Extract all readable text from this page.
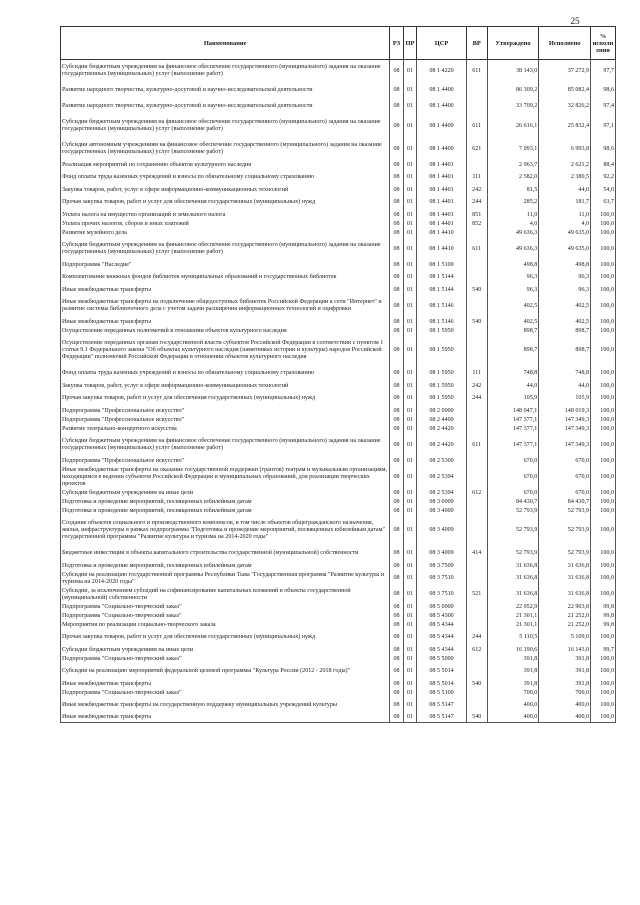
25
Наименование	РЗ	ПР	ЦСР	ВР	Утверждено	Исполнено	% исполн ения
Субсидии бюджетным учреждениям на финансовое обеспечение государственного (муниципального) задания на оказание государственных (муниципальных) услуг (выполнение работ)	08	01	08 1 4220	611	38 143,0	37 272,9	97,7
Развитие народного творчества, культурно-досуговой и научно-исследовательской деятельности	08	01	08 1 4400		86 309,2	85 082,4	98,6
Развитие народного творчества, культурно-досуговой и научно-исследовательской деятельности	08	01	08 1 4400		33 709,2	32 826,2	97,4
Субсидии бюджетным учреждениям на финансовое обеспечение государственного (муниципального) задания на оказание государственных (муниципальных) услуг (выполнение работ)	08	01	08 1 4400	611	26 616,1	25 832,4	97,1
Субсидии автономным учреждениям на финансовое обеспечение государственного (муниципального) задания на оказание государственных (муниципальных) услуг (выполнение работ)	08	01	08 1 4400	621	7 093,1	6 993,8	98,6
Реализация мероприятий по сохранению объектов культурного наследия	08	01	08 1 4401		2 963,7	2 621,2	88,4
Фонд оплаты труда казенных учреждений и взносы по обязательному социальному страхованию	08	01	08 1 4401	111	2 582,0	2 380,5	92,2
Закупка товаров, работ, услуг в сфере информационно-коммуникационных технологий	08	01	08 1 4401	242	81,5	44,0	54,0
Прочая закупка товаров, работ и услуг для обеспечения государственных (муниципальных) нужд	08	01	08 1 4401	244	285,2	181,7	63,7
Уплата налога на имущество организаций и земельного налога	08	01	08 1 4401	851	11,0	11,0	100,0
Уплата прочих налогов, сборов и иных платежей	08	01	08 1 4401	852	4,0	4,0	100,0
Развитие музейного дела	08	01	08 1 4410		49 636,3	49 635,0	100,0
Субсидии бюджетным учреждениям на финансовое обеспечение государственного (муниципального) задания на оказание государственных (муниципальных) услуг (выполнение работ)	08	01	08 1 4410	611	49 636,3	49 635,0	100,0
Подпрограмма "Наследие"	08	01	08 1 5100		498,8	498,8	100,0
Комплектование книжных фондов библиотек муниципальных образований и государственных библиотек	08	01	08 1 5144		96,3	96,3	100,0
Иные межбюджетные трансферты	08	01	08 1 5144	540	96,3	96,3	100,0
Иные межбюджетные трансферты на подключение общедоступных библиотек Российской Федерации к сети "Интернет" и развитие системы библиотечного дела с учетом задачи расширения информационных технологий и оцифровки	08	01	08 1 5146		402,5	402,5	100,0
Иные межбюджетные трансферты	08	01	08 1 5146	540	402,5	402,5	100,0
Осуществление переданных полномочий в отношении объектов культурного наследия	08	01	08 1 5950		898,7	898,7	100,0
Осуществление переданных органам государственной власти субъектов Российской Федерации в соответствии с пунктом 1 статьи 9.1 Федерального закона "Об объектах культурного наследия (памятниках истории и культуры) народов Российской Федерации" полномочий Российской Федерации в отношении объектов культурного наследия	08	01	08 1 5950		898,7	898,7	100,0
Фонд оплаты труда казенных учреждений и взносы по обязательному социальному страхованию	08	01	08 1 5950	111	748,8	748,8	100,0
Закупка товаров, работ, услуг в сфере информационно-коммуникационных технологий	08	01	08 1 5950	242	44,0	44,0	100,0
Прочая закупка товаров, работ и услуг для обеспечения государственных (муниципальных) нужд	08	01	08 1 5950	244	105,9	105,9	100,0
Подпрограмма "Профессиональное искусство"	08	01	08 2 0000		148 047,1	148 019,3	100,0
Подпрограмма "Профессиональное искусство"	08	01	08 2 4400		147 377,1	147 349,3	100,0
Развитие театрально-концертного искусства	08	01	08 2 4420		147 377,1	147 349,3	100,0
Субсидии бюджетным учреждениям на финансовое обеспечение государственного (муниципального) задания на оказание государственных (муниципальных) услуг (выполнение работ)	08	01	08 2 4420	611	147 377,1	147 349,3	100,0
Подпрограмма "Профессиональное искусство"	08	01	08 2 5300		670,0	670,0	100,0
Иные межбюджетные трансферты на оказание государственной поддержки (грантов) театрам и музыкальным организациям, находящимся в ведении субъектов Российской Федерации и муниципальных образований, для реализации творческих проектов	08	01	08 2 5394		670,0	670,0	100,0
Субсидии бюджетным учреждениям на иные цели	08	01	08 2 5394	612	670,0	670,0	100,0
Подготовка и проведение мероприятий, посвященных юбилейным датам	08	01	08 3 0000		84 430,7	84 430,7	100,0
Подготовка и проведение мероприятий, посвященных юбилейным датам	08	01	08 3 4000		52 793,9	52 793,9	100,0
Создание объектов социального и производственного комплексов, в том числе объектов общегражданского назначения, жилья, инфраструктуры в рамках подпрограммы "Подготовка и проведение мероприятий, посвященных юбилейным датам" государственной программы "Развитие культуры и туризма на 2014-2020 годы"	08	01	08 3 4009		52 793,9	52 793,9	100,0
Бюджетные инвестиции в объекты капитального строительства государственной (муниципальной) собственности	08	01	08 3 4009	414	52 793,9	52 793,9	100,0
Подготовка и проведение мероприятий, посвященных юбилейным датам	08	01	08 3 7500		31 636,8	31 636,8	100,0
Субсидия на реализацию государственной программы Республики Тыва "Государственная программа "Развитие культуры и туризма на 2014-2020 годы"	08	01	08 3 7510		31 636,8	31 636,8	100,0
Субсидии, за исключением субсидий на софинансирование капитальных вложений в объекты государственной (муниципальной) собственности	08	01	08 3 7510	521	31 636,8	31 636,8	100,0
Подпрограмма "Социально-творческий заказ"	08	01	08 5 0000		22 952,9	22 903,8	99,8
Подпрограмма "Социально-творческий заказ"	08	01	08 5 4300		21 301,1	21 252,0	99,8
Мероприятия по реализации социально-творческого заказа	08	01	08 5 4344		21 301,1	21 252,0	99,8
Прочая закупка товаров, работ и услуг для обеспечения государственных (муниципальных) нужд	08	01	08 5 4344	244	5 110,5	5 109,0	100,0
Субсидии бюджетным учреждениям на иные цели	08	01	08 5 4344	612	16 190,6	16 143,0	99,7
Подпрограмма "Социально-творческий заказ"	08	01	08 5 5000		391,8	391,8	100,0
Субсидия на реализацию мероприятий федеральной целевой программы "Культура России (2012 - 2018 годы)"	08	01	08 5 5014		391,8	391,8	100,0
Иные межбюджетные трансферты	08	01	08 5 5014	540	391,8	391,8	100,0
Подпрограмма "Социально-творческий заказ"	08	01	08 5 5100		700,0	700,0	100,0
Иные межбюджетные трансферты на государственную поддержку муниципальных учреждений культуры	08	01	08 5 5147		400,0	400,0	100,0
Иные межбюджетные трансферты	08	01	08 5 5147	540	400,0	400,0	100,0
